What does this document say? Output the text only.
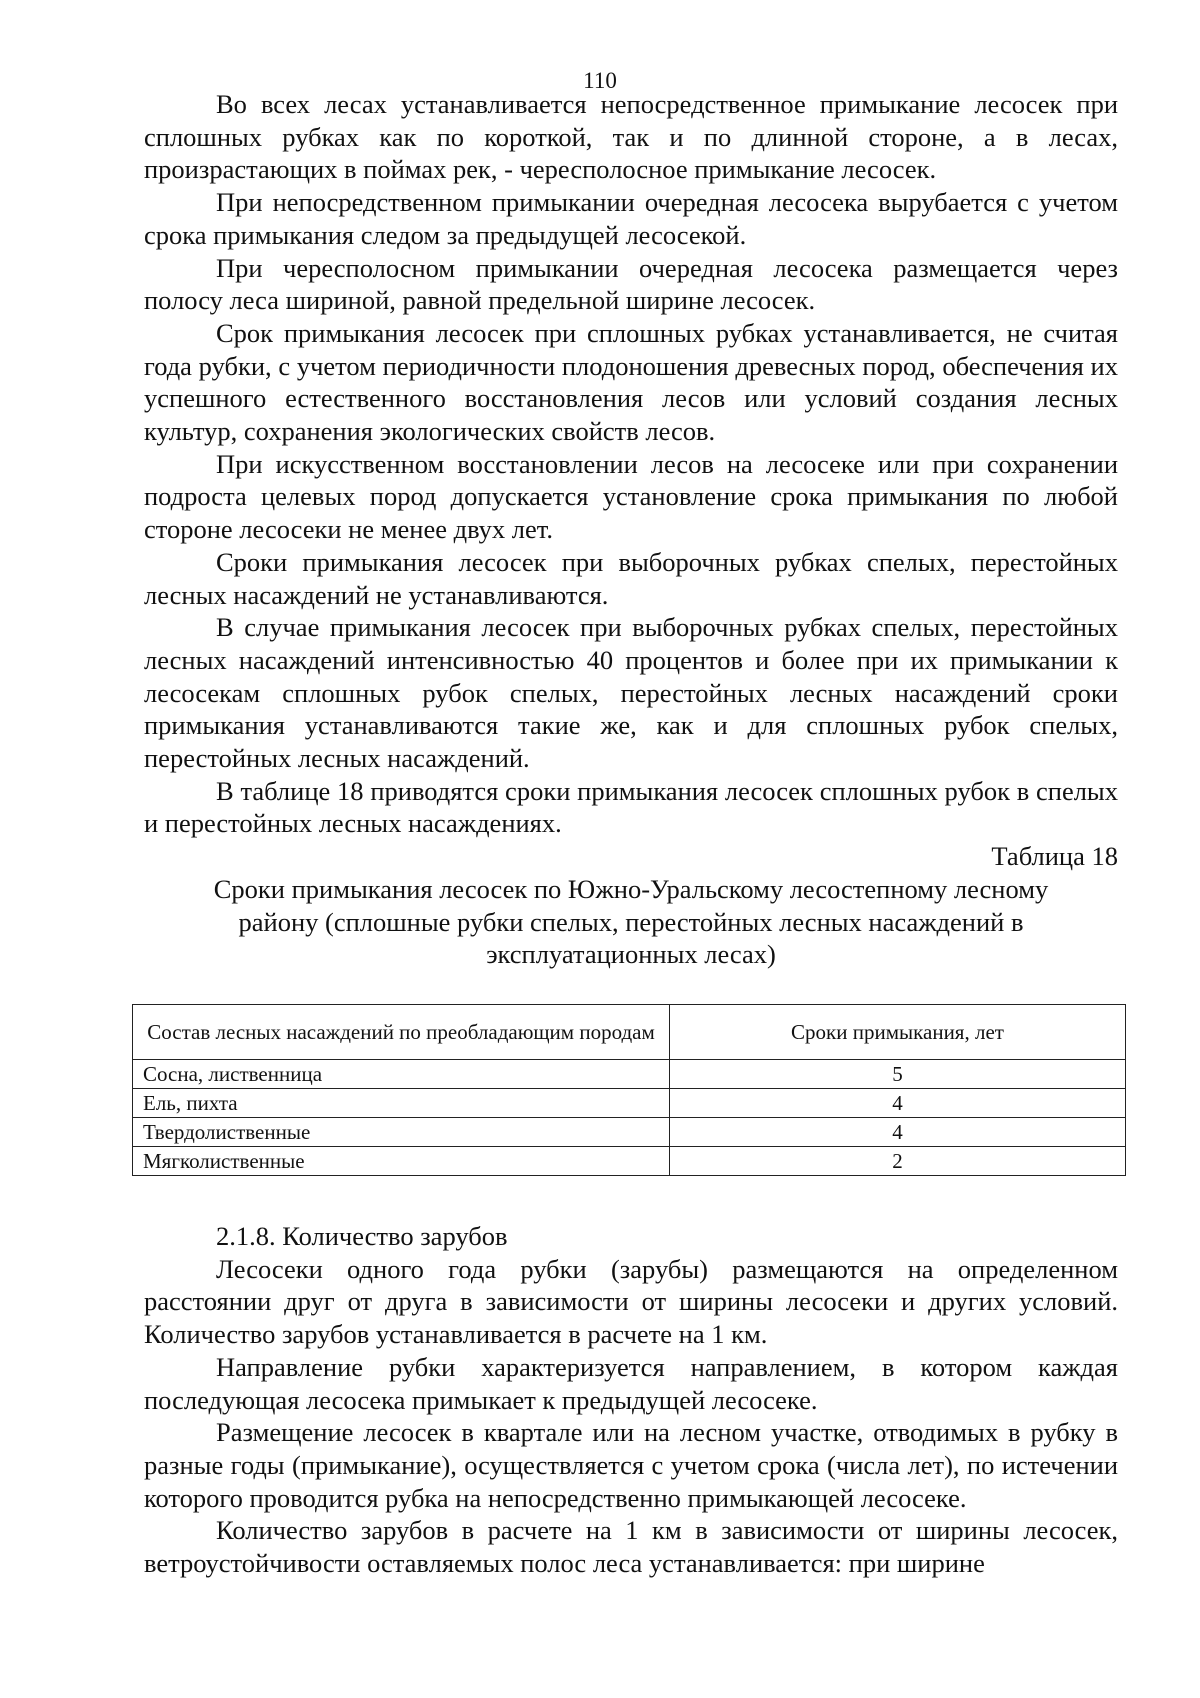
110

Во всех лесах устанавливается непосредственное примыкание лесосек при сплошных рубках как по короткой, так и по длинной стороне, а в лесах, произрастающих в поймах рек, - чересполосное примыкание лесосек.

При непосредственном примыкании очередная лесосека вырубается с учетом срока примыкания следом за предыдущей лесосекой.

При чересполосном примыкании очередная лесосека размещается через полосу леса шириной, равной предельной ширине лесосек.

Срок примыкания лесосек при сплошных рубках устанавливается, не считая года рубки, с учетом периодичности плодоношения древесных пород, обеспечения их успешного естественного восстановления лесов или условий создания лесных культур, сохранения экологических свойств лесов.

При искусственном восстановлении лесов на лесосеке или при сохранении подроста целевых пород допускается установление срока примыкания по любой стороне лесосеки не менее двух лет.

Сроки примыкания лесосек при выборочных рубках спелых, перестойных лесных насаждений не устанавливаются.

В случае примыкания лесосек при выборочных рубках спелых, перестойных лесных насаждений интенсивностью 40 процентов и более при их примыкании к лесосекам сплошных рубок спелых, перестойных лесных насаждений сроки примыкания устанавливаются такие же, как и для сплошных рубок спелых, перестойных лесных насаждений.

В таблице 18 приводятся сроки примыкания лесосек сплошных рубок в спелых и перестойных лесных насаждениях.

Таблица 18

Сроки примыкания лесосек по Южно-Уральскому лесостепному лесному району (сплошные рубки спелых, перестойных лесных насаждений в эксплуатационных лесах)

Состав лесных насаждений по преобладающим породам	Сроки примыкания, лет
Сосна, лиственница	5
Ель, пихта	4
Твердолиственные	4
Мягколиственные	2

2.1.8. Количество зарубов

Лесосеки одного года рубки (зарубы) размещаются на определенном расстоянии друг от друга в зависимости от ширины лесосеки и других условий. Количество зарубов устанавливается в расчете на 1 км.

Направление рубки характеризуется направлением, в котором каждая последующая лесосека примыкает к предыдущей лесосеке.

Размещение лесосек в квартале или на лесном участке, отводимых в рубку в разные годы (примыкание), осуществляется с учетом срока (числа лет), по истечении которого проводится рубка на непосредственно примыкающей лесосеке.

Количество зарубов в расчете на 1 км в зависимости от ширины лесосек, ветроустойчивости оставляемых полос леса устанавливается: при ширине
